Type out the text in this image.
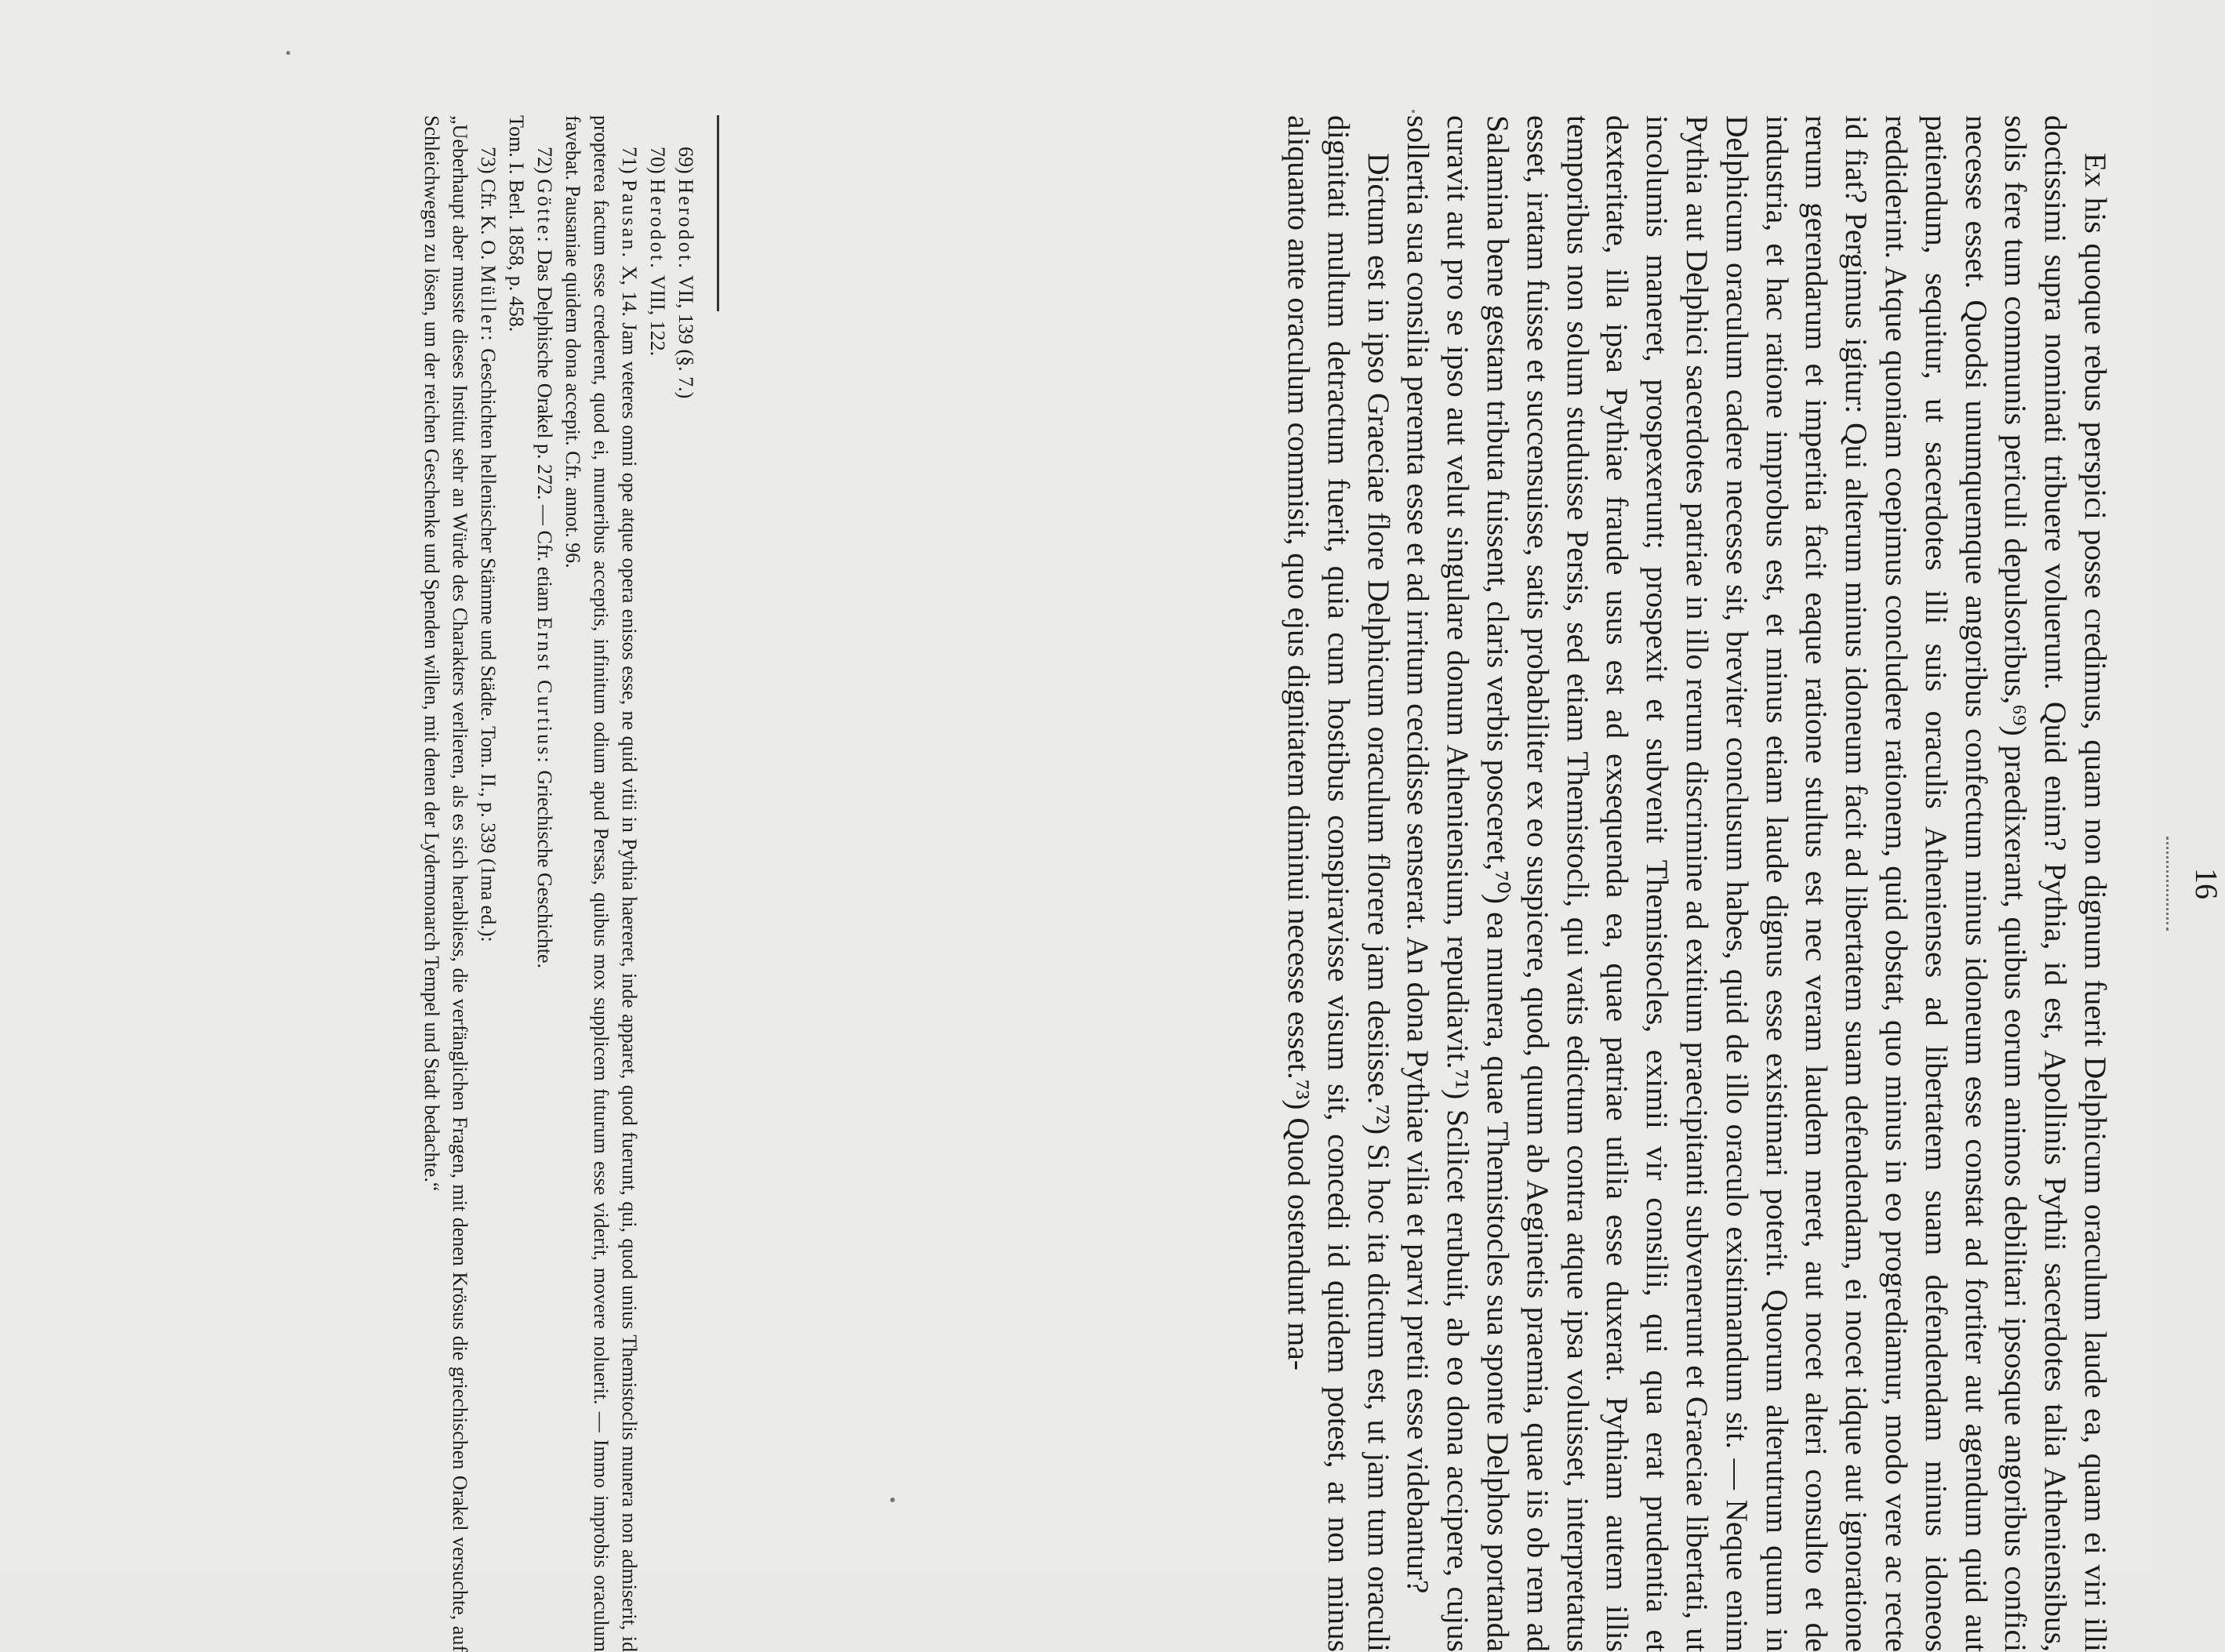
16

Ex his quoque rebus perspici posse credimus, quam non dignum fuerit Delphicum oraculum laude ea, quam ei viri illi doctissimi supra nominati tribuere voluerunt. Quid enim? Pythia, id est, Apollinis Pythii sacerdotes talia Atheniensibus, solis fere tum communis periculi depulsoribus,⁶⁹) praedixerant, quibus eorum animos debilitari ipsosque angoribus confici necesse esset. Quodsi unumquemque angoribus confectum minus idoneum esse constat ad fortiter aut agendum quid aut patiendum, sequitur, ut sacerdotes illi suis oraculis Athenienses ad libertatem suam defendendam minus idoneos reddiderint. Atque quoniam coepimus concludere rationem, quid obstat, quo minus in eo progrediamur, modo vere ac recte id fiat? Pergimus igitur: Qui alterum minus idoneum facit ad libertatem suam defendendam, ei nocet idque aut ignoratione rerum gerendarum et imperitia facit eaque ratione stultus est nec veram laudem meret, aut nocet alteri consulto et de industria, et hac ratione improbus est, et minus etiam laude dignus esse existimari poterit. Quorum alterutrum quum in Delphicum oraculum cadere necesse sit, breviter conclusum habes, quid de illo oraculo existimandum sit. — Neque enim Pythia aut Delphici sacerdotes patriae in illo rerum discrimine ad exitium praecipitanti subvenerunt et Graeciae libertati, ut incolumis maneret, prospexerunt; prospexit et subvenit Themistocles, eximii vir consilii, qui qua erat prudentia et dexteritate, illa ipsa Pythiae fraude usus est ad exsequenda ea, quae patriae utilia esse duxerat. Pythiam autem illis temporibus non solum studuisse Persis, sed etiam Themistocli, qui vatis edictum contra atque ipsa voluisset, interpretatus esset, iratam fuisse et succensuisse, satis probabiliter ex eo suspicere, quod, quum ab Aeginetis praemia, quae iis ob rem ad Salamina bene gestam tributa fuissent, claris verbis posceret,⁷⁰) ea munera, quae Themistocles sua sponte Delphos portanda curavit aut pro se ipso aut velut singulare donum Atheniensium, repudiavit.⁷¹) Scilicet erubuit, ab eo dona accipere, cujus sollertia sua consilia peremta esse et ad irritum cecidisse senserat. An dona Pythiae vilia et parvi pretii esse videbantur?

Dictum est in ipso Graeciae flore Delphicum oraculum florere jam desiisse.⁷²) Si hoc ita dictum est, ut jam tum oraculi dignitati multum detractum fuerit, quia cum hostibus conspiravisse visum sit, concedi id quidem potest, at non minus aliquanto ante oraculum commisit, quo ejus dignitatem diminui necesse esset.⁷³) Quod ostendunt ma-

69) Herodot. VII, 139 (§. 7.)

70) Herodot. VIII, 122.

71) Pausan. X, 14. Jam veteres omni ope atque opera enisos esse, ne quid vitii in Pythia haereret, inde apparet, quod fuerunt, qui, quod unius Themistoclis munera non admiserit, id propterea factum esse crederent, quod ei, muneribus acceptis, infinitum odium apud Persas, quibus mox supplicem futurum esse viderit, movere noluerit. — Immo improbis oraculum favebat. Pausaniae quidem dona accepit. Cfr. annot. 96.

72) Götte: Das Delphische Orakel p. 272. — Cfr. etiam Ernst Curtius: Griechische Geschichte.

Tom. I. Berl. 1858, p. 458.

73) Cfr. K. O. Müller: Geschichten hellenischer Stämme und Städte. Tom. II., p. 339 (1ma ed.):

„Ueberhaupt aber musste dieses Institut sehr an Würde des Charakters verlieren, als es sich herabliess, die verfänglichen Fragen, mit denen Krösus die griechischen Orakel versuchte, auf Schleichwegen zu lösen, um der reichen Geschenke und Spenden willen, mit denen der Lydermonarch Tempel und Stadt bedachte.“
